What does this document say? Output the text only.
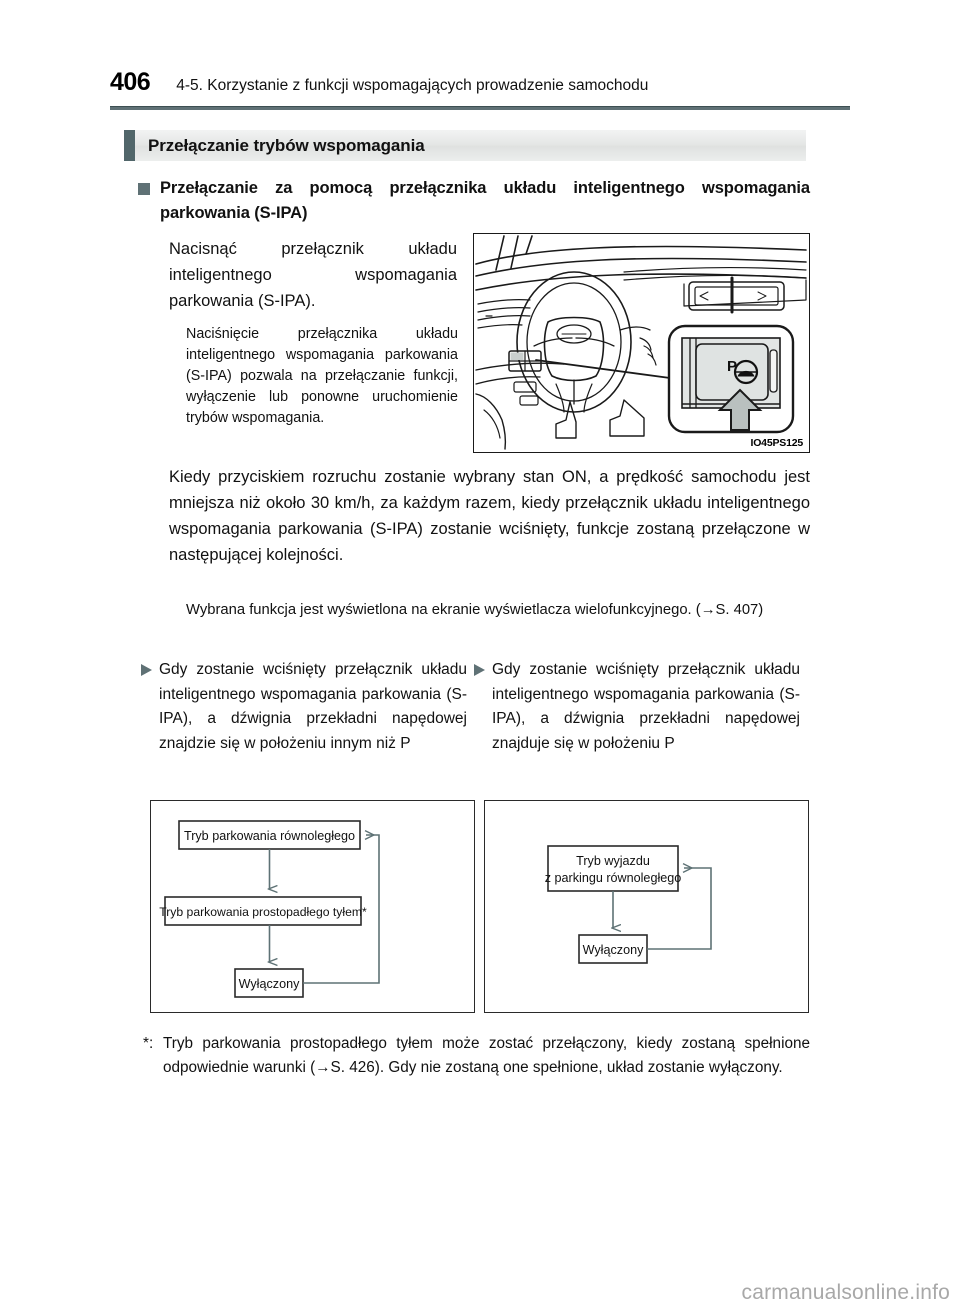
406 4-5. Korzystanie z funkcji wspomagających prowadzenie samochodu
Przełączanie trybów wspomagania
Przełączanie za pomocą przełącznika układu inteligentnego wspomagania parkowania (S-IPA)
Nacisnąć przełącznik układu inteligentnego wspomagania parkowania (S-IPA).
Naciśnięcie przełącznika układu inteligentnego wspomagania parkowania (S-IPA) pozwala na przełączanie funkcji, wyłączenie lub ponowne uruchomienie trybów wspomagania.
P
IO45PS125
Kiedy przyciskiem rozruchu zostanie wybrany stan ON, a prędkość samochodu jest mniejsza niż około 30 km/h, za każdym razem, kiedy przełącznik układu inteligentnego wspomagania parkowania (S-IPA) zostanie wciśnięty, funkcje zostaną przełączone w następującej kolejności.
Wybrana funkcja jest wyświetlona na ekranie wyświetlacza wielofunkcyjnego. (→S. 407)
Gdy zostanie wciśnięty przełącznik układu inteligentnego wspomagania parkowania (S-IPA), a dźwignia przekładni napędowej znajdzie się w położeniu innym niż P
Gdy zostanie wciśnięty przełącznik układu inteligentnego wspomagania parkowania (S-IPA), a dźwignia przekładni napędowej znajduje się w położeniu P
Tryb parkowania równoległego
Tryb parkowania prostopadłego tyłem*
Wyłączony
Tryb wyjazdu
z parkingu równoległego
Wyłączony
*: Tryb parkowania prostopadłego tyłem może zostać przełączony, kiedy zostaną spełnione odpowiednie warunki (→S. 426). Gdy nie zostaną one spełnione, układ zostanie wyłączony.
carmanualsonline.info
